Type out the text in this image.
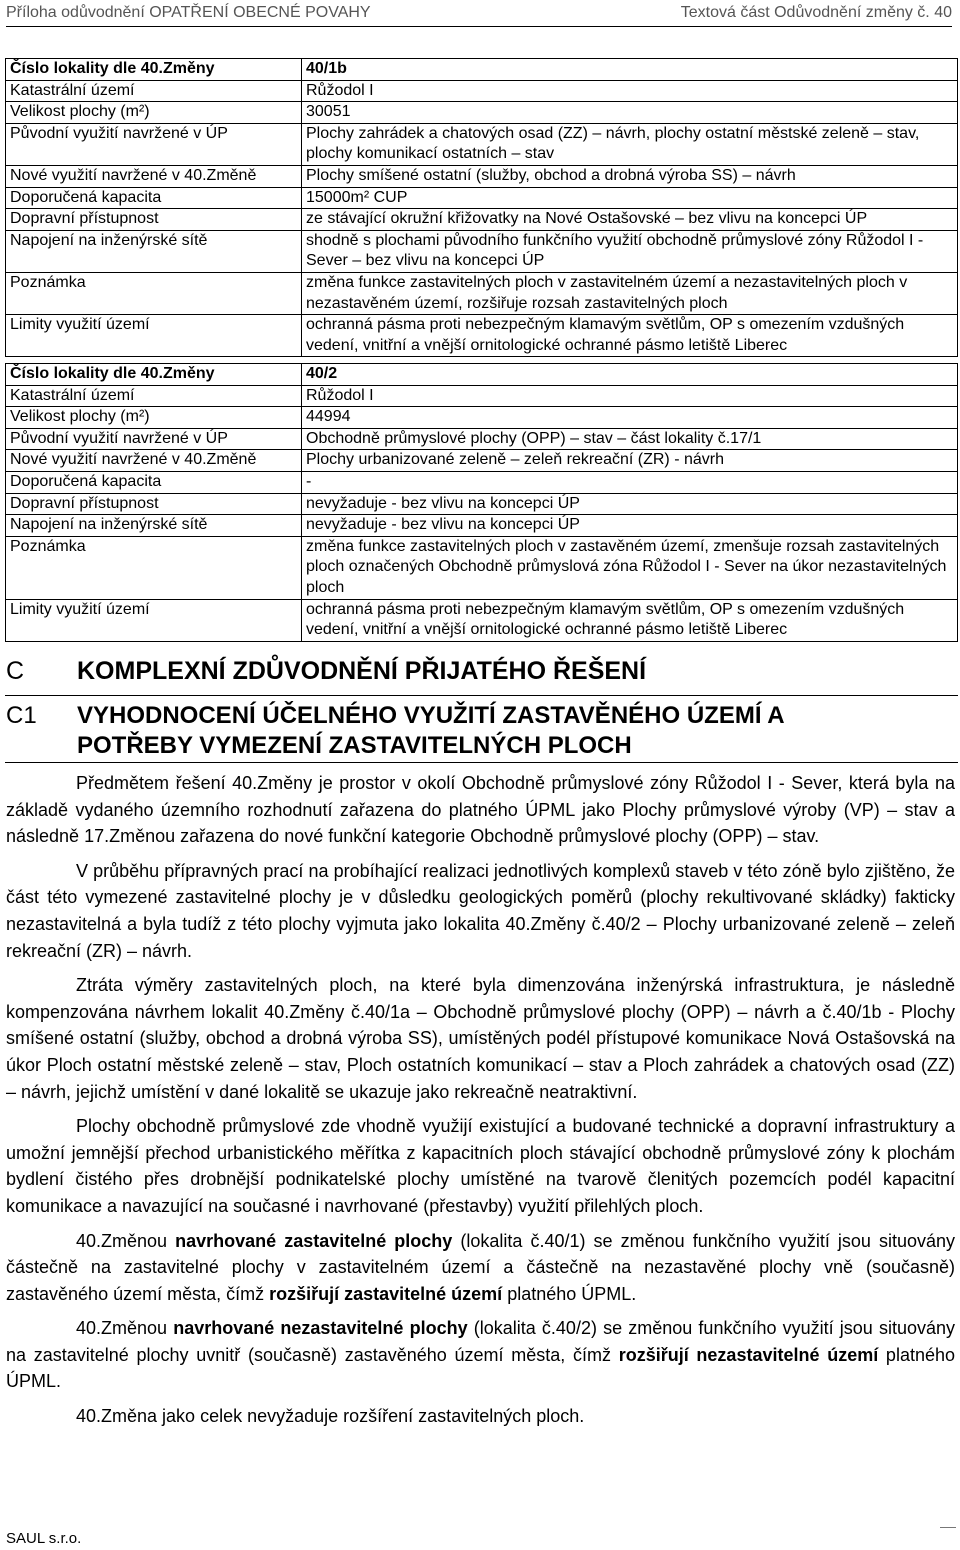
Příloha odůvodnění OPATŘENÍ OBECNÉ POVAHY	Textová část Odůvodnění změny č. 40
Číslo lokality dle 40.Změny	40/1b
Katastrální území	Růžodol I
Velikost plochy (m²)	30051
Původní využití navržené v ÚP	Plochy zahrádek a chatových osad (ZZ) – návrh, plochy ostatní městské zeleně – stav, plochy komunikací ostatních – stav
Nové využití navržené v 40.Změně	Plochy smíšené ostatní (služby, obchod a drobná výroba SS) – návrh
Doporučená kapacita	15000m² CUP
Dopravní přístupnost	ze stávající okružní křižovatky na Nové Ostašovské – bez vlivu na koncepci ÚP
Napojení na inženýrské sítě	shodně s plochami původního funkčního využití obchodně průmyslové zóny Růžodol I - Sever – bez vlivu na koncepci ÚP
Poznámka	změna funkce zastavitelných ploch v zastavitelném území a nezastavitelných ploch v nezastavěném území, rozšiřuje rozsah zastavitelných ploch
Limity využití území	ochranná pásma proti nebezpečným klamavým světlům, OP s omezením vzdušných vedení, vnitřní a vnější ornitologické ochranné pásmo letiště Liberec
Číslo lokality dle 40.Změny	40/2
Katastrální území	Růžodol I
Velikost plochy (m²)	44994
Původní využití navržené v ÚP	Obchodně průmyslové plochy (OPP) – stav – část lokality č.17/1
Nové využití navržené v 40.Změně	Plochy urbanizované zeleně – zeleň rekreační (ZR) - návrh
Doporučená kapacita	-
Dopravní přístupnost	nevyžaduje - bez vlivu na koncepci ÚP
Napojení na inženýrské sítě	nevyžaduje - bez vlivu na koncepci ÚP
Poznámka	změna funkce zastavitelných ploch v zastavěném území, zmenšuje rozsah zastavitelných ploch označených Obchodně průmyslová zóna Růžodol I - Sever na úkor nezastavitelných ploch
Limity využití území	ochranná pásma proti nebezpečným klamavým světlům, OP s omezením vzdušných vedení, vnitřní a vnější ornitologické ochranné pásmo letiště Liberec
C KOMPLEXNÍ ZDŮVODNĚNÍ PŘIJATÉHO ŘEŠENÍ
C1 VYHODNOCENÍ ÚČELNÉHO VYUŽITÍ ZASTAVĚNÉHO ÚZEMÍ A POTŘEBY VYMEZENÍ ZASTAVITELNÝCH PLOCH

Předmětem řešení 40.Změny je prostor v okolí Obchodně průmyslové zóny Růžodol I - Sever, která byla na základě vydaného územního rozhodnutí zařazena do platného ÚPML jako Plochy průmyslové výroby (VP) – stav a následně 17.Změnou zařazena do nové funkční kategorie Obchodně průmyslové plochy (OPP) – stav.

V průběhu přípravných prací na probíhající realizaci jednotlivých komplexů staveb v této zóně bylo zjištěno, že část této vymezené zastavitelné plochy je v důsledku geologických poměrů (plochy rekultivované skládky) fakticky nezastavitelná a byla tudíž z této plochy vyjmuta jako lokalita 40.Změny č.40/2 – Plochy urbanizované zeleně – zeleň rekreační (ZR) – návrh.

Ztráta výměry zastavitelných ploch, na které byla dimenzována inženýrská infrastruktura, je následně kompenzována návrhem lokalit 40.Změny č.40/1a – Obchodně průmyslové plochy (OPP) – návrh a č.40/1b - Plochy smíšené ostatní (služby, obchod a drobná výroba SS), umístěných podél přístupové komunikace Nová Ostašovská na úkor Ploch ostatní městské zeleně – stav, Ploch ostatních komunikací – stav a Ploch zahrádek a chatových osad (ZZ) – návrh, jejichž umístění v dané lokalitě se ukazuje jako rekreačně neatraktivní.

Plochy obchodně průmyslové zde vhodně využijí existující a budované technické a dopravní infrastruktury a umožní jemnější přechod urbanistického měřítka z kapacitních ploch stávající obchodně průmyslové zóny k plochám bydlení čistého přes drobnější podnikatelské plochy umístěné na tvarově členitých pozemcích podél kapacitní komunikace a navazující na současné i navrhované (přestavby) využití přilehlých ploch.

40.Změnou navrhované zastavitelné plochy (lokalita č.40/1) se změnou funkčního využití jsou situovány částečně na zastavitelné plochy v zastavitelném území a částečně na nezastavěné plochy vně (současně) zastavěného území města, čímž rozšiřují zastavitelné území platného ÚPML.

40.Změnou navrhované nezastavitelné plochy (lokalita č.40/2) se změnou funkčního využití jsou situovány na zastavitelné plochy uvnitř (současně) zastavěného území města, čímž rozšiřují nezastavitelné území platného ÚPML.

40.Změna jako celek nevyžaduje rozšíření zastavitelných ploch.

SAUL s.r.o.
